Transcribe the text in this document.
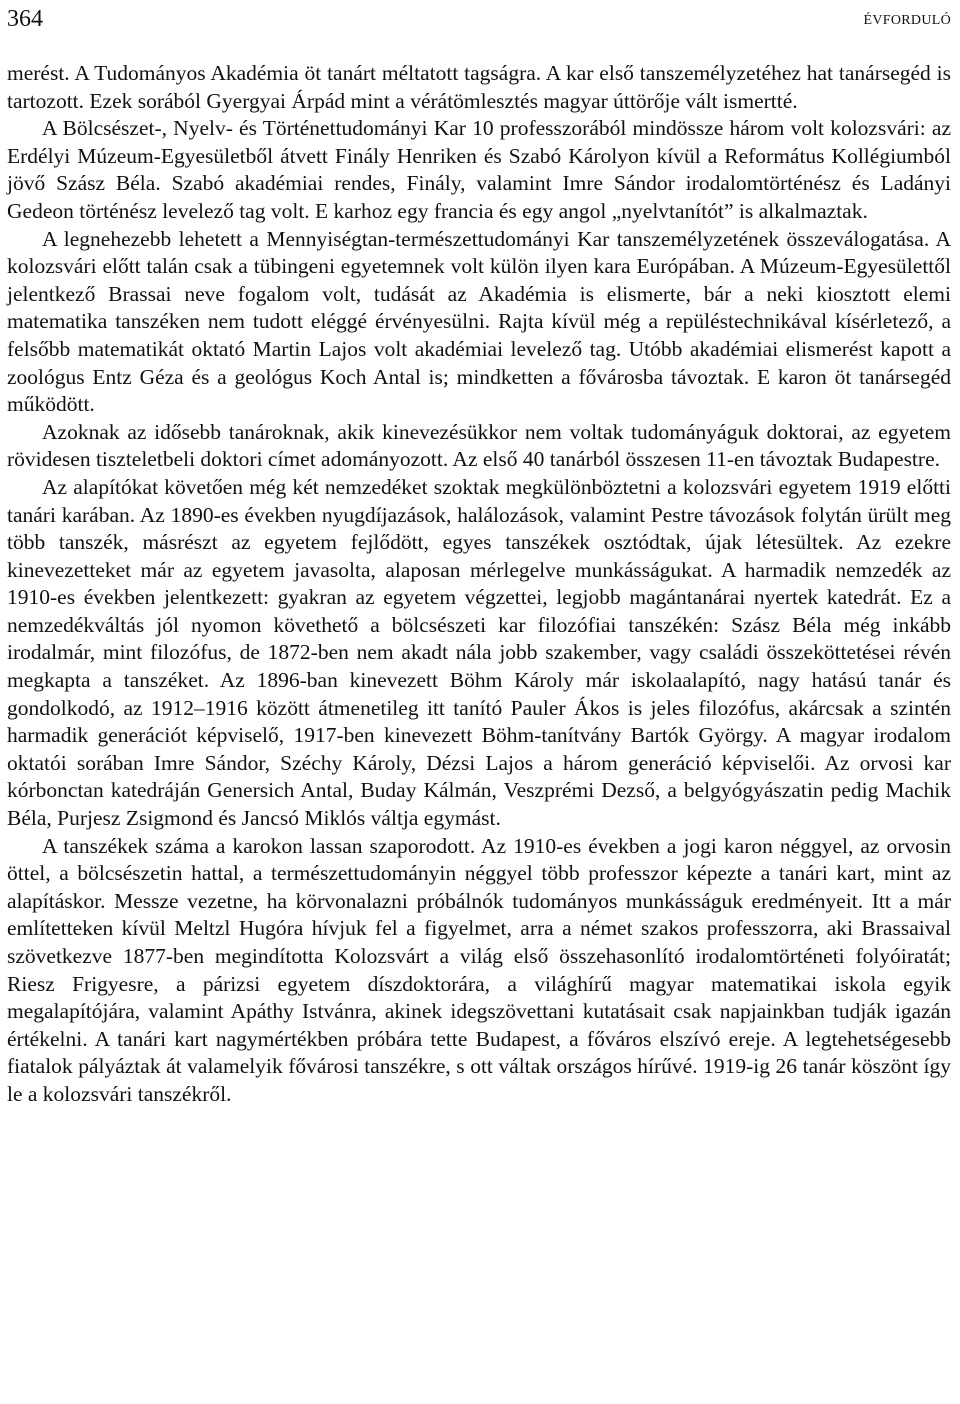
364	ÉVFORDULÓ

merést. A Tudományos Akadémia öt tanárt méltatott tagságra. A kar első tanszemélyzetéhez hat tanársegéd is tartozott. Ezek sorából Gyergyai Árpád mint a vérátömlesztés magyar úttörője vált ismertté.

A Bölcsészet-, Nyelv- és Történettudományi Kar 10 professzorából mindössze három volt kolozsvári: az Erdélyi Múzeum-Egyesületből átvett Finály Henriken és Szabó Károlyon kívül a Református Kollégiumból jövő Szász Béla. Szabó akadémiai rendes, Finály, valamint Imre Sándor irodalomtörténész és Ladányi Gedeon történész levelező tag volt. E karhoz egy francia és egy angol „nyelvtanítót” is alkalmaztak.

A legnehezebb lehetett a Mennyiségtan-természettudományi Kar tanszemélyzetének összeválogatása. A kolozsvári előtt talán csak a tübingeni egyetemnek volt külön ilyen kara Európában. A Múzeum-Egyesülettől jelentkező Brassai neve fogalom volt, tudását az Akadémia is elismerte, bár a neki kiosztott elemi matematika tanszéken nem tudott eléggé érvényesülni. Rajta kívül még a repüléstechnikával kísérletező, a felsőbb matematikát oktató Martin Lajos volt akadémiai levelező tag. Utóbb akadémiai elismerést kapott a zoológus Entz Géza és a geológus Koch Antal is; mindketten a fővárosba távoztak. E karon öt tanársegéd működött.

Azoknak az idősebb tanároknak, akik kinevezésükkor nem voltak tudományáguk doktorai, az egyetem rövidesen tiszteletbeli doktori címet adományozott. Az első 40 tanárból összesen 11-en távoztak Budapestre.

Az alapítókat követően még két nemzedéket szoktak megkülönböztetni a kolozsvári egyetem 1919 előtti tanári karában. Az 1890-es években nyugdíjazások, halálozások, valamint Pestre távozások folytán ürült meg több tanszék, másrészt az egyetem fejlődött, egyes tanszékek osztódtak, újak létesültek. Az ezekre kinevezetteket már az egyetem javasolta, alaposan mérlegelve munkásságukat. A harmadik nemzedék az 1910-es években jelentkezett: gyakran az egyetem végzettei, legjobb magántanárai nyertek katedrát. Ez a nemzedékváltás jól nyomon követhető a bölcsészeti kar filozófiai tanszékén: Szász Béla még inkább irodalmár, mint filozófus, de 1872-ben nem akadt nála jobb szakember, vagy családi összeköttetései révén megkapta a tanszéket. Az 1896-ban kinevezett Böhm Károly már iskolaalapító, nagy hatású tanár és gondolkodó, az 1912–1916 között átmenetileg itt tanító Pauler Ákos is jeles filozófus, akárcsak a szintén harmadik generációt képviselő, 1917-ben kinevezett Böhm-tanítvány Bartók György. A magyar irodalom oktatói sorában Imre Sándor, Széchy Károly, Dézsi Lajos a három generáció képviselői. Az orvosi kar kórbonctan katedráján Genersich Antal, Buday Kálmán, Veszprémi Dezső, a belgyógyászatin pedig Machik Béla, Purjesz Zsigmond és Jancsó Miklós váltja egymást.

A tanszékek száma a karokon lassan szaporodott. Az 1910-es években a jogi karon néggyel, az orvosin öttel, a bölcsészetin hattal, a természettudományin néggyel több professzor képezte a tanári kart, mint az alapításkor. Messze vezetne, ha körvonalazni próbálnók tudományos munkásságuk eredményeit. Itt a már említetteken kívül Meltzl Hugóra hívjuk fel a figyelmet, arra a német szakos professzorra, aki Brassaival szövetkezve 1877-ben megindította Kolozsvárt a világ első összehasonlító irodalomtörténeti folyóiratát; Riesz Frigyesre, a párizsi egyetem díszdoktorára, a világhírű magyar matematikai iskola egyik megalapítójára, valamint Apáthy Istvánra, akinek idegszövettani kutatásait csak napjainkban tudják igazán értékelni. A tanári kart nagymértékben próbára tette Budapest, a főváros elszívó ereje. A legtehetségesebb fiatalok pályáztak át valamelyik fővárosi tanszékre, s ott váltak országos hírűvé. 1919-ig 26 tanár köszönt így le a kolozsvári tanszékről.
